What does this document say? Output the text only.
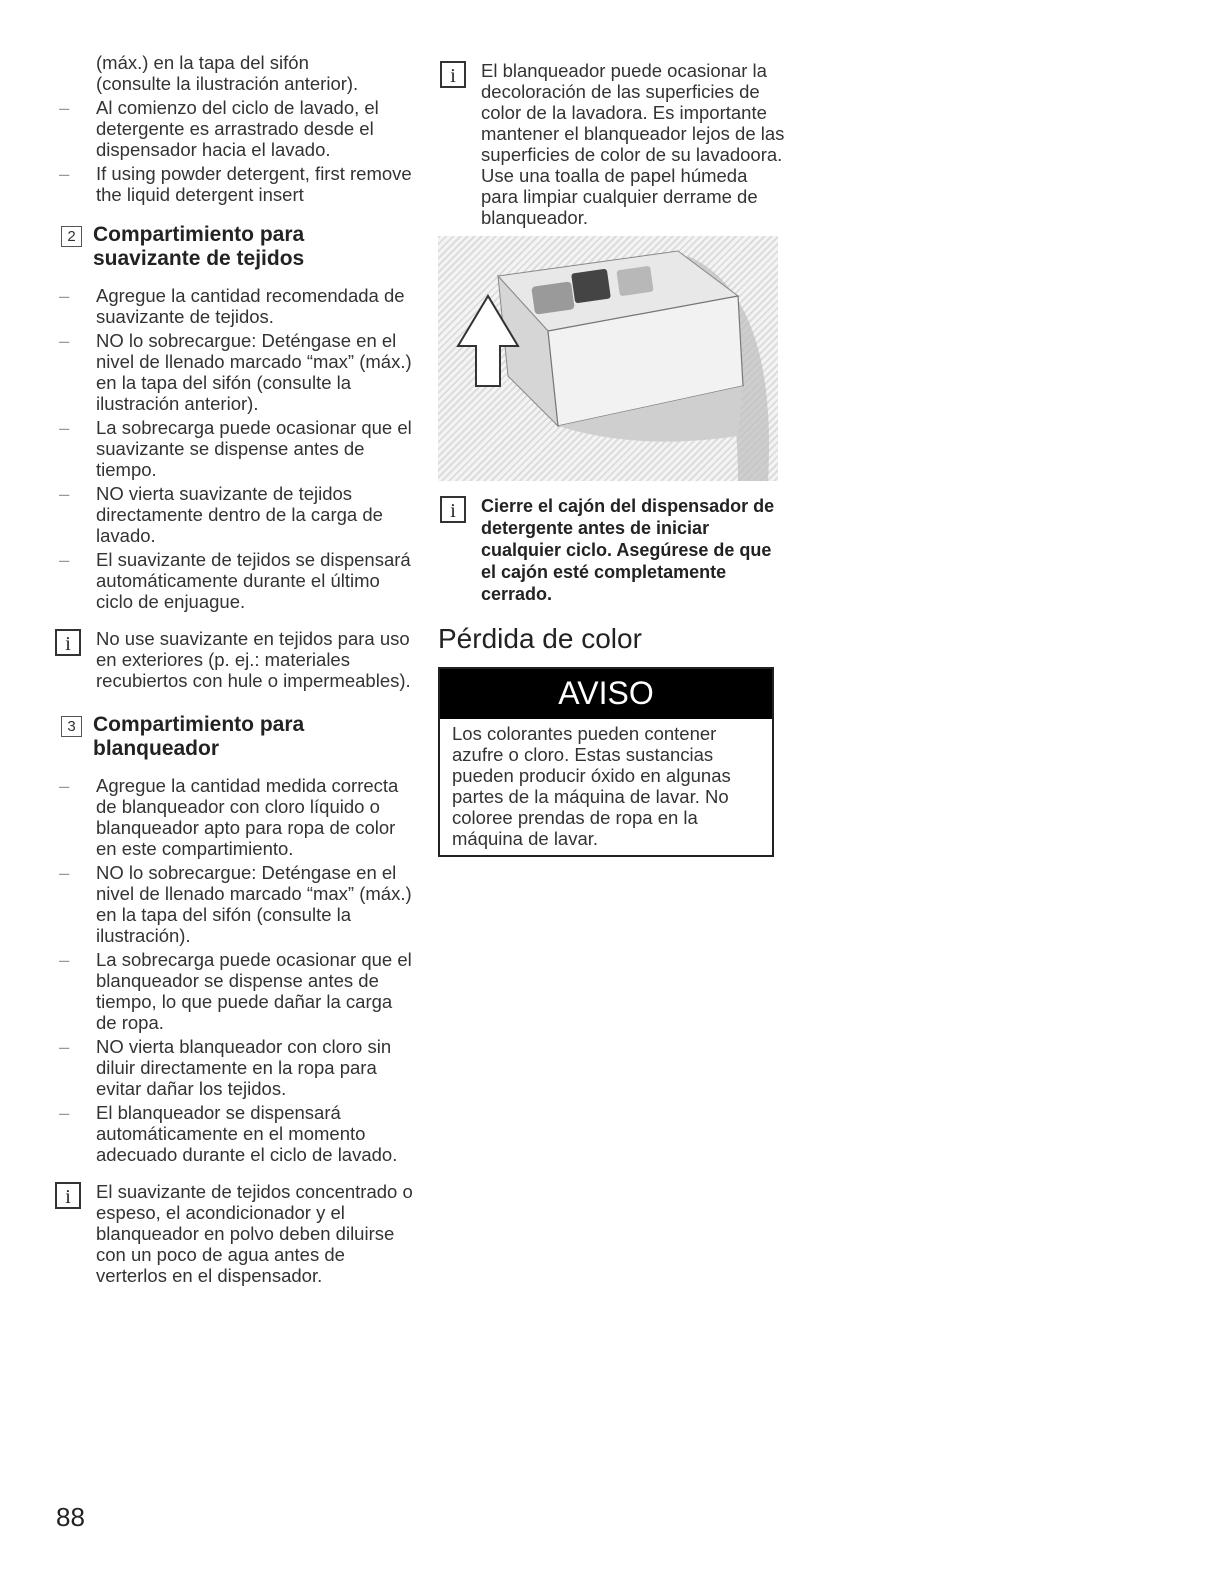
(máx.) en la tapa del sifón
(consulte la ilustración anterior).
– Al comienzo del ciclo de lavado, el detergente es arrastrado desde el dispensador hacia el lavado.
– If using powder detergent, first remove the liquid detergent insert
2 Compartimiento para suavizante de tejidos
– Agregue la cantidad recomendada de suavizante de tejidos.
– NO lo sobrecargue: Deténgase en el nivel de llenado marcado “max” (máx.) en la tapa del sifón (consulte la ilustración anterior).
– La sobrecarga puede ocasionar que el suavizante se dispense antes de tiempo.
– NO vierta suavizante de tejidos directamente dentro de la carga de lavado.
– El suavizante de tejidos se dispensará automáticamente durante el último ciclo de enjuague.
i	No use suavizante en tejidos para uso en exteriores (p. ej.: materiales recubiertos con hule o impermeables).
3 Compartimiento para blanqueador
– Agregue la cantidad medida correcta de blanqueador con cloro líquido o blanqueador apto para ropa de color en este compartimiento.
– NO lo sobrecargue: Deténgase en el nivel de llenado marcado “max” (máx.) en la tapa del sifón (consulte la ilustración).
– La sobrecarga puede ocasionar que el blanqueador se dispense antes de tiempo, lo que puede dañar la carga de ropa.
– NO vierta blanqueador con cloro sin diluir directamente en la ropa para evitar dañar los tejidos.
– El blanqueador se dispensará automáticamente en el momento adecuado durante el ciclo de lavado.
i	El suavizante de tejidos concentrado o espeso, el acondicionador y el blanqueador en polvo deben diluirse con un poco de agua antes de verterlos en el dispensador.
i	El blanqueador puede ocasionar la decoloración de las superficies de color de la lavadora. Es importante mantener el blanqueador lejos de las superficies de color de su lavadoora. Use una toalla de papel húmeda para limpiar cualquier derrame de blanqueador.
i	Cierre el cajón del dispensador de detergente antes de iniciar cualquier ciclo. Asegúrese de que el cajón esté completamente cerrado.
Pérdida de color
AVISO
Los colorantes pueden contener azufre o cloro. Estas sustancias pueden producir óxido en algunas partes de la máquina de lavar. No coloree prendas de ropa en la máquina de lavar.
88
